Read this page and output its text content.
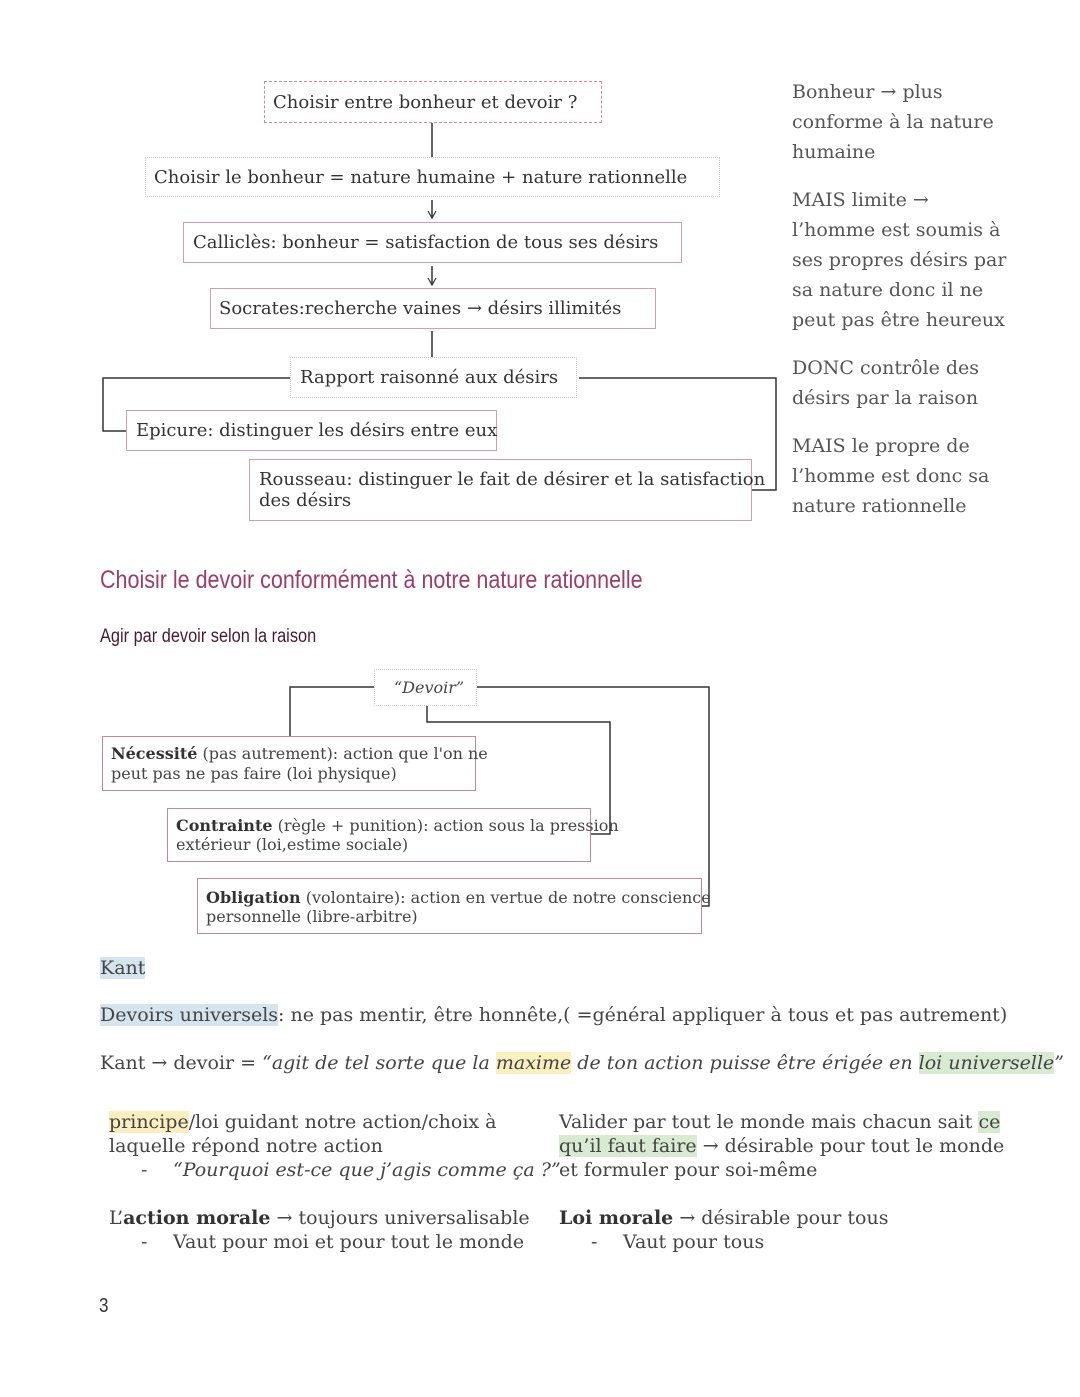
Choisir entre bonheur et devoir ?
Choisir le bonheur = nature humaine + nature rationnelle
Calliclès: bonheur = satisfaction de tous ses désirs
Socrates:recherche vaines → désirs illimités
Rapport raisonné aux désirs
Epicure: distinguer les désirs entre eux
Rousseau: distinguer le fait de désirer et la satisfaction
des désirs

Bonheur → plus
conforme à la nature
humaine

MAIS limite →
l’homme est soumis à
ses propres désirs par
sa nature donc il ne
peut pas être heureux

DONC contrôle des
désirs par la raison

MAIS le propre de
l’homme est donc sa
nature rationnelle

Choisir le devoir conformément à notre nature rationnelle
Agir par devoir selon la raison
“Devoir”
Nécessité (pas autrement): action que l'on ne
peut pas ne pas faire (loi physique)
Contrainte (règle + punition): action sous la pression
extérieur (loi,estime sociale)
Obligation (volontaire): action en vertue de notre conscience
personnelle (libre-arbitre)
Kant
Devoirs universels: ne pas mentir, être honnête,( =général appliquer à tous et pas autrement)
Kant → devoir = “agit de tel sorte que la maxime de ton action puisse être érigée en loi universelle”
principe/loi guidant notre action/choix à
laquelle répond notre action
- “Pourquoi est-ce que j’agis comme ça ?”
L’action morale → toujours universalisable
- Vaut pour moi et pour tout le monde
Valider par tout le monde mais chacun sait ce
qu’il faut faire → désirable pour tout le monde
et formuler pour soi-même
Loi morale → désirable pour tous
- Vaut pour tous
3
